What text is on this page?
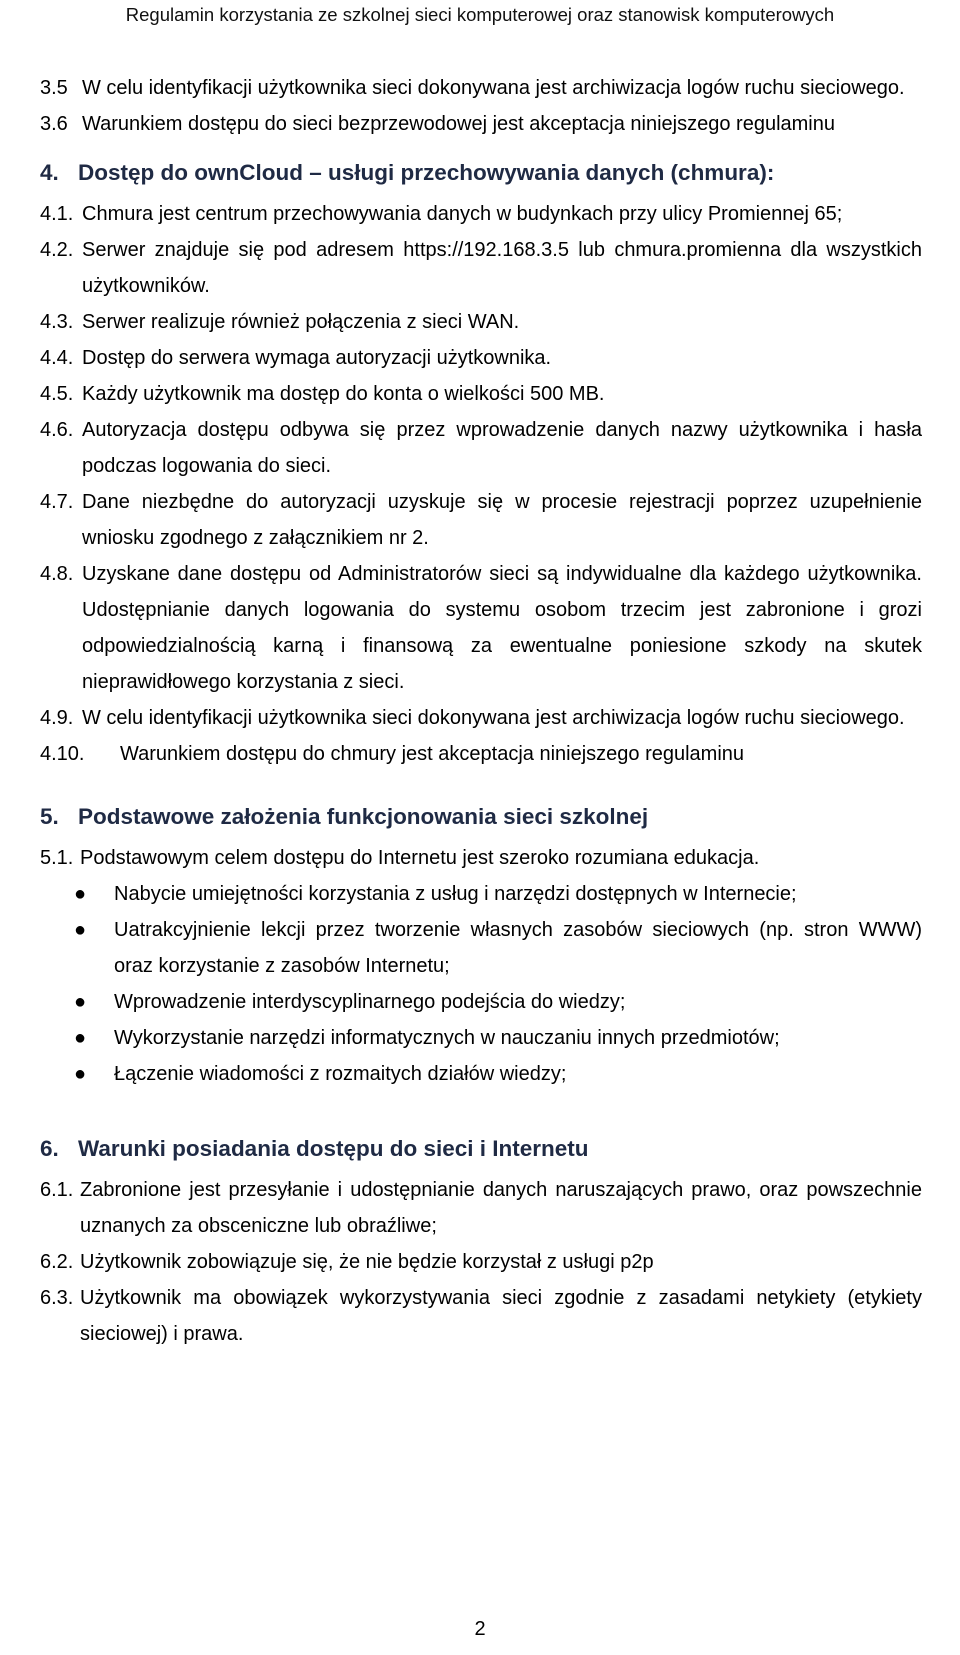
Regulamin korzystania ze szkolnej sieci komputerowej oraz stanowisk komputerowych
3.5 W celu identyfikacji użytkownika sieci dokonywana jest archiwizacja logów ruchu sieciowego.
3.6 Warunkiem dostępu do sieci bezprzewodowej jest akceptacja niniejszego regulaminu
4. Dostęp do ownCloud – usługi przechowywania danych (chmura):
4.1. Chmura jest centrum przechowywania danych w budynkach przy ulicy Promiennej 65;
4.2. Serwer znajduje się pod adresem https://192.168.3.5 lub chmura.promienna dla wszystkich użytkowników.
4.3. Serwer realizuje również połączenia z sieci WAN.
4.4. Dostęp do serwera wymaga autoryzacji użytkownika.
4.5. Każdy użytkownik ma dostęp do konta o wielkości 500 MB.
4.6. Autoryzacja dostępu odbywa się przez wprowadzenie danych nazwy użytkownika i hasła podczas logowania do sieci.
4.7. Dane niezbędne do autoryzacji uzyskuje się w procesie rejestracji poprzez uzupełnienie wniosku zgodnego z załącznikiem nr 2.
4.8. Uzyskane dane dostępu od Administratorów sieci są indywidualne dla każdego użytkownika. Udostępnianie danych logowania do systemu osobom trzecim jest zabronione i grozi odpowiedzialnością karną i finansową za ewentualne poniesione szkody na skutek nieprawidłowego korzystania z sieci.
4.9. W celu identyfikacji użytkownika sieci dokonywana jest archiwizacja logów ruchu sieciowego.
4.10.	Warunkiem dostępu do chmury jest akceptacja niniejszego regulaminu
5. Podstawowe założenia funkcjonowania sieci szkolnej
5.1. Podstawowym celem dostępu do Internetu jest szeroko rozumiana edukacja.
● Nabycie umiejętności korzystania z usług i narzędzi dostępnych w Internecie;
● Uatrakcyjnienie lekcji przez tworzenie własnych zasobów sieciowych (np. stron WWW) oraz korzystanie z zasobów Internetu;
● Wprowadzenie interdyscyplinarnego podejścia do wiedzy;
● Wykorzystanie narzędzi informatycznych w nauczaniu innych przedmiotów;
● Łączenie wiadomości z rozmaitych działów wiedzy;
6. Warunki posiadania dostępu do sieci i Internetu
6.1. Zabronione jest przesyłanie i udostępnianie danych naruszających prawo, oraz powszechnie uznanych za obsceniczne lub obraźliwe;
6.2. Użytkownik zobowiązuje się, że nie będzie korzystał z usługi p2p
6.3. Użytkownik ma obowiązek wykorzystywania sieci zgodnie z zasadami netykiety (etykiety sieciowej) i prawa.
2
